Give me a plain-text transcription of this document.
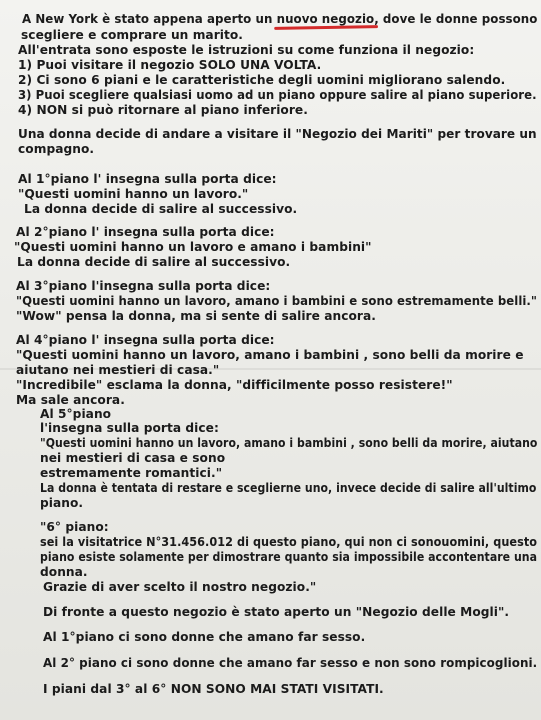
A New York è stato appena aperto un nuovo negozio, dove le donne possono
scegliere e comprare un marito.
All'entrata sono esposte le istruzioni su come funziona il negozio:
1) Puoi visitare il negozio SOLO UNA VOLTA.
2) Ci sono 6 piani e le caratteristiche degli uomini migliorano salendo.
3) Puoi scegliere qualsiasi uomo ad un piano oppure salire al piano superiore.
4) NON si può ritornare al piano inferiore.
Una donna decide di andare a visitare il "Negozio dei Mariti" per trovare un
compagno.
Al 1°piano l' insegna sulla porta dice:
"Questi uomini hanno un lavoro."
La donna decide di salire al successivo.
Al 2°piano l' insegna sulla porta dice:
"Questi uomini hanno un lavoro e amano i bambini"
La donna decide di salire al successivo.
Al 3°piano l'insegna sulla porta dice:
"Questi uomini hanno un lavoro, amano i bambini e sono estremamente belli."
"Wow" pensa la donna, ma si sente di salire ancora.
Al 4°piano l' insegna sulla porta dice:
"Questi uomini hanno un lavoro, amano i bambini , sono belli da morire e
aiutano nei mestieri di casa."
"Incredibile" esclama la donna, "difficilmente posso resistere!"
Ma sale ancora.
Al 5°piano
l'insegna sulla porta dice:
"Questi uomini hanno un lavoro, amano i bambini , sono belli da morire, aiutano
nei mestieri di casa e sono
estremamente romantici."
La donna è tentata di restare e sceglierne uno, invece decide di salire all'ultimo
piano.
"6° piano:
sei la visitatrice N°31.456.012 di questo piano, qui non ci sonouomini, questo
piano esiste solamente per dimostrare quanto sia impossibile accontentare una
donna.
Grazie di aver scelto il nostro negozio."
Di fronte a questo negozio è stato aperto un "Negozio delle Mogli".
Al 1°piano ci sono donne che amano far sesso.
Al 2° piano ci sono donne che amano far sesso e non sono rompicoglioni.
I piani dal 3° al 6° NON SONO MAI STATI VISITATI.
